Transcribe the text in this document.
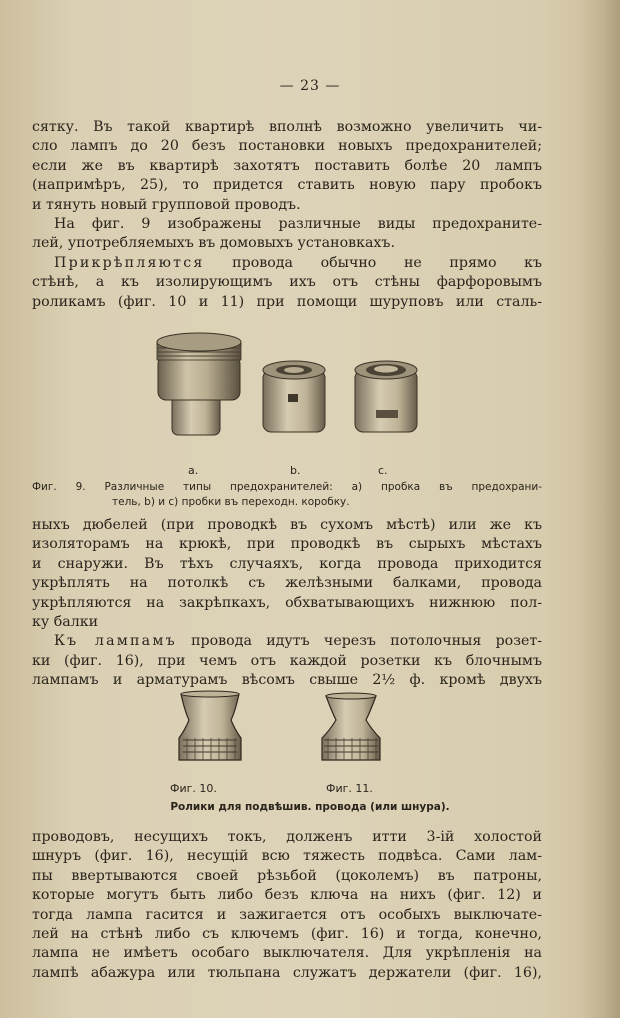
— 23 —
сятку. Въ такой квартирѣ вполнѣ возможно увеличить чи-
сло лампъ до 20 безъ постановки новыхъ предохранителей;
если же въ квартирѣ захотятъ поставить болѣе 20 лампъ
(напримѣръ, 25), то придется ставить новую пару пробокъ
и тянуть новый групповой проводъ.
На фиг. 9 изображены различные виды предохраните-
лей, употребляемыхъ въ домовыхъ установкахъ.
Прикрѣпляются проводa обычно не прямо къ
стѣнѣ, а къ изолирующимъ ихъ отъ стѣны фарфоровымъ
роликамъ (фиг. 10 и 11) при помощи шуруповъ или сталь-
a.	b.	c.
Фиг. 9. Различные типы предохранителей: a) пробка въ предохрани-
тель, b) и c) пробки въ переходн. коробку.
ныхъ дюбелей (при проводкѣ въ сухомъ мѣстѣ) или же къ
изоляторамъ на крюкѣ, при проводкѣ въ сырыхъ мѣстахъ
и снаружи. Въ тѣхъ случаяхъ, когда провода приходится
укрѣплять на потолкѣ съ желѣзными балками, провода
укрѣпляются на закрѣпкахъ, обхватывающихъ нижнюю пол-
ку балки
Къ лампамъ провода идутъ черезъ потолочныя розет-
ки (фиг. 16), при чемъ отъ каждой розетки къ блочнымъ
лампамъ и арматурамъ вѣсомъ свыше 2½ ф. кромѣ двухъ
Фиг. 10.	Фиг. 11.
Ролики для подвѣшив. провода (или шнура).
проводовъ, несущихъ токъ, долженъ итти 3-iй холостой
шнуръ (фиг. 16), несущiй всю тяжесть подвѣса. Сами лам-
пы ввертываются своей рѣзьбой (цоколемъ) въ патроны,
которые могутъ быть либо безъ ключа на нихъ (фиг. 12) и
тогда лампа гасится и зажигается отъ особыхъ выключате-
лей на стѣнѣ либо съ ключемъ (фиг. 16) и тогда, конечно,
лампа не имѣетъ особаго выключателя. Для укрѣпленія на
лампѣ абажура или тюльпана служатъ держатели (фиг. 16),
